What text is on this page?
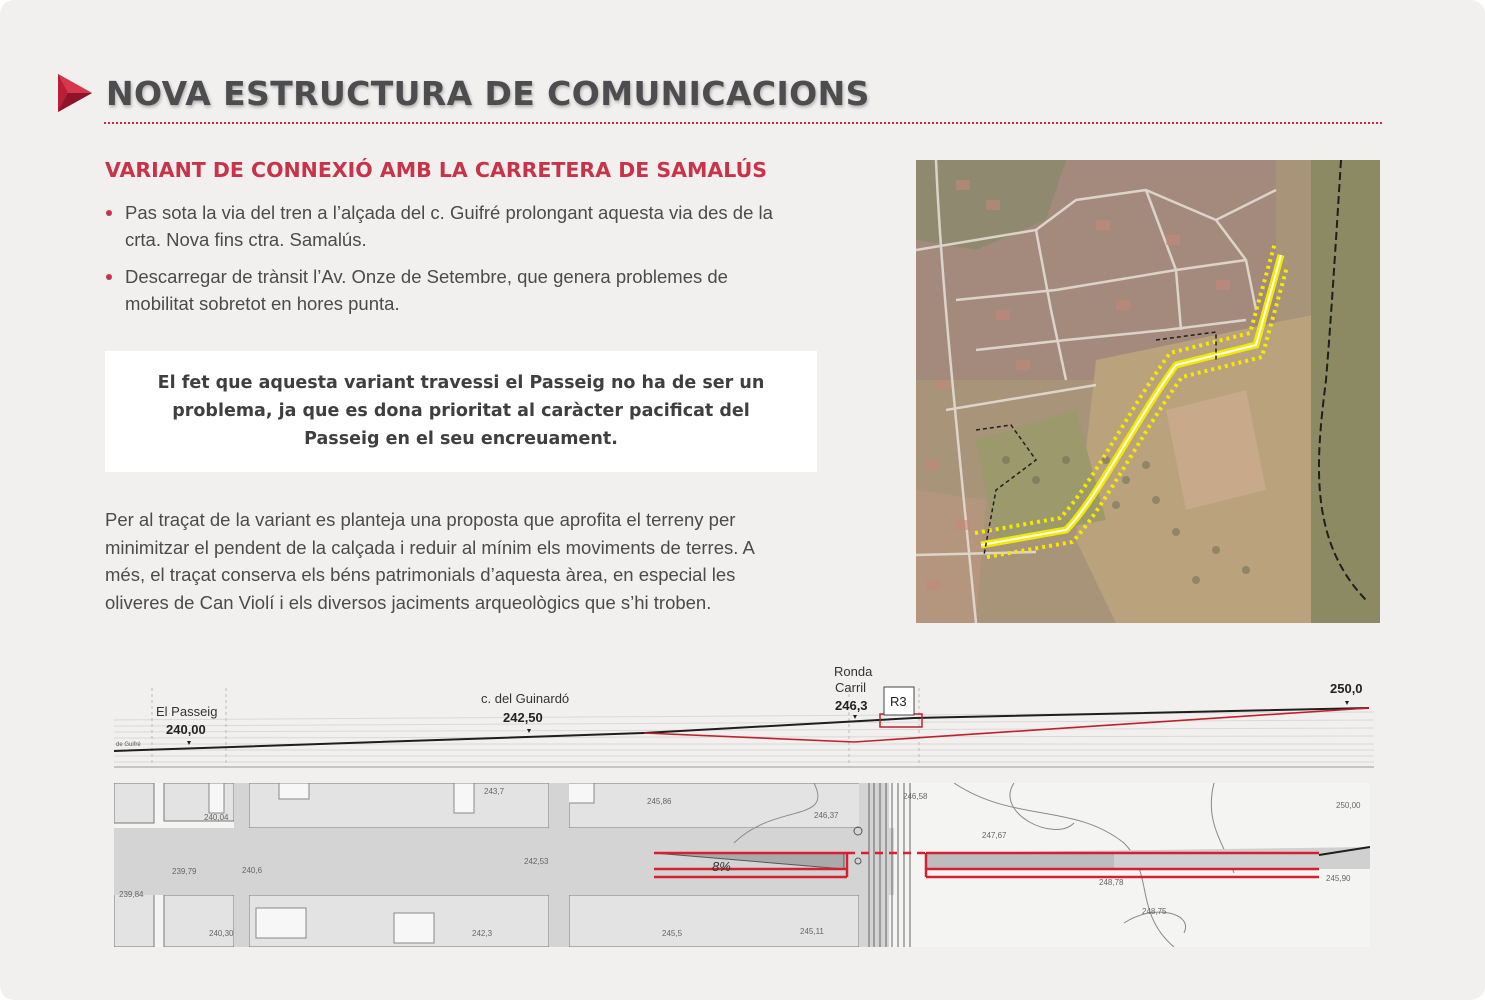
NOVA ESTRUCTURA DE COMUNICACIONS
VARIANT DE CONNEXIÓ AMB LA CARRETERA DE SAMALÚS
Pas sota la via del tren a l’alçada del c. Guifré prolongant aquesta via des de la crta. Nova fins ctra. Samalús.
Descarregar de trànsit l’Av. Onze de Setembre, que genera problemes de mobilitat sobretot en hores punta.
El fet que aquesta variant travessi el Passeig no ha de ser un problema, ja que es dona prioritat al caràcter pacificat del Passeig en el seu encreuament.

Per al traçat de la variant es planteja una proposta que aprofita el terreny per minimitzar el pendent de la calçada i reduir al mínim els moviments de terres. A més, el traçat conserva els béns patrimonials d’aquesta àrea, en especial les oliveres de Can Violí i els diversos jaciments arqueològics que s’hi troben.

de Guifré
El Passeig
240,00
c. del Guinardó
242,50
Ronda Carril
246,3 R3
250,0
8%
240,04
239,79
239,84
240,30
240,6
243,7
242,53
242,3
245,86
245,5
246,37
245,11
246,58
247,67
248,78
248,75
245,90
250,00
